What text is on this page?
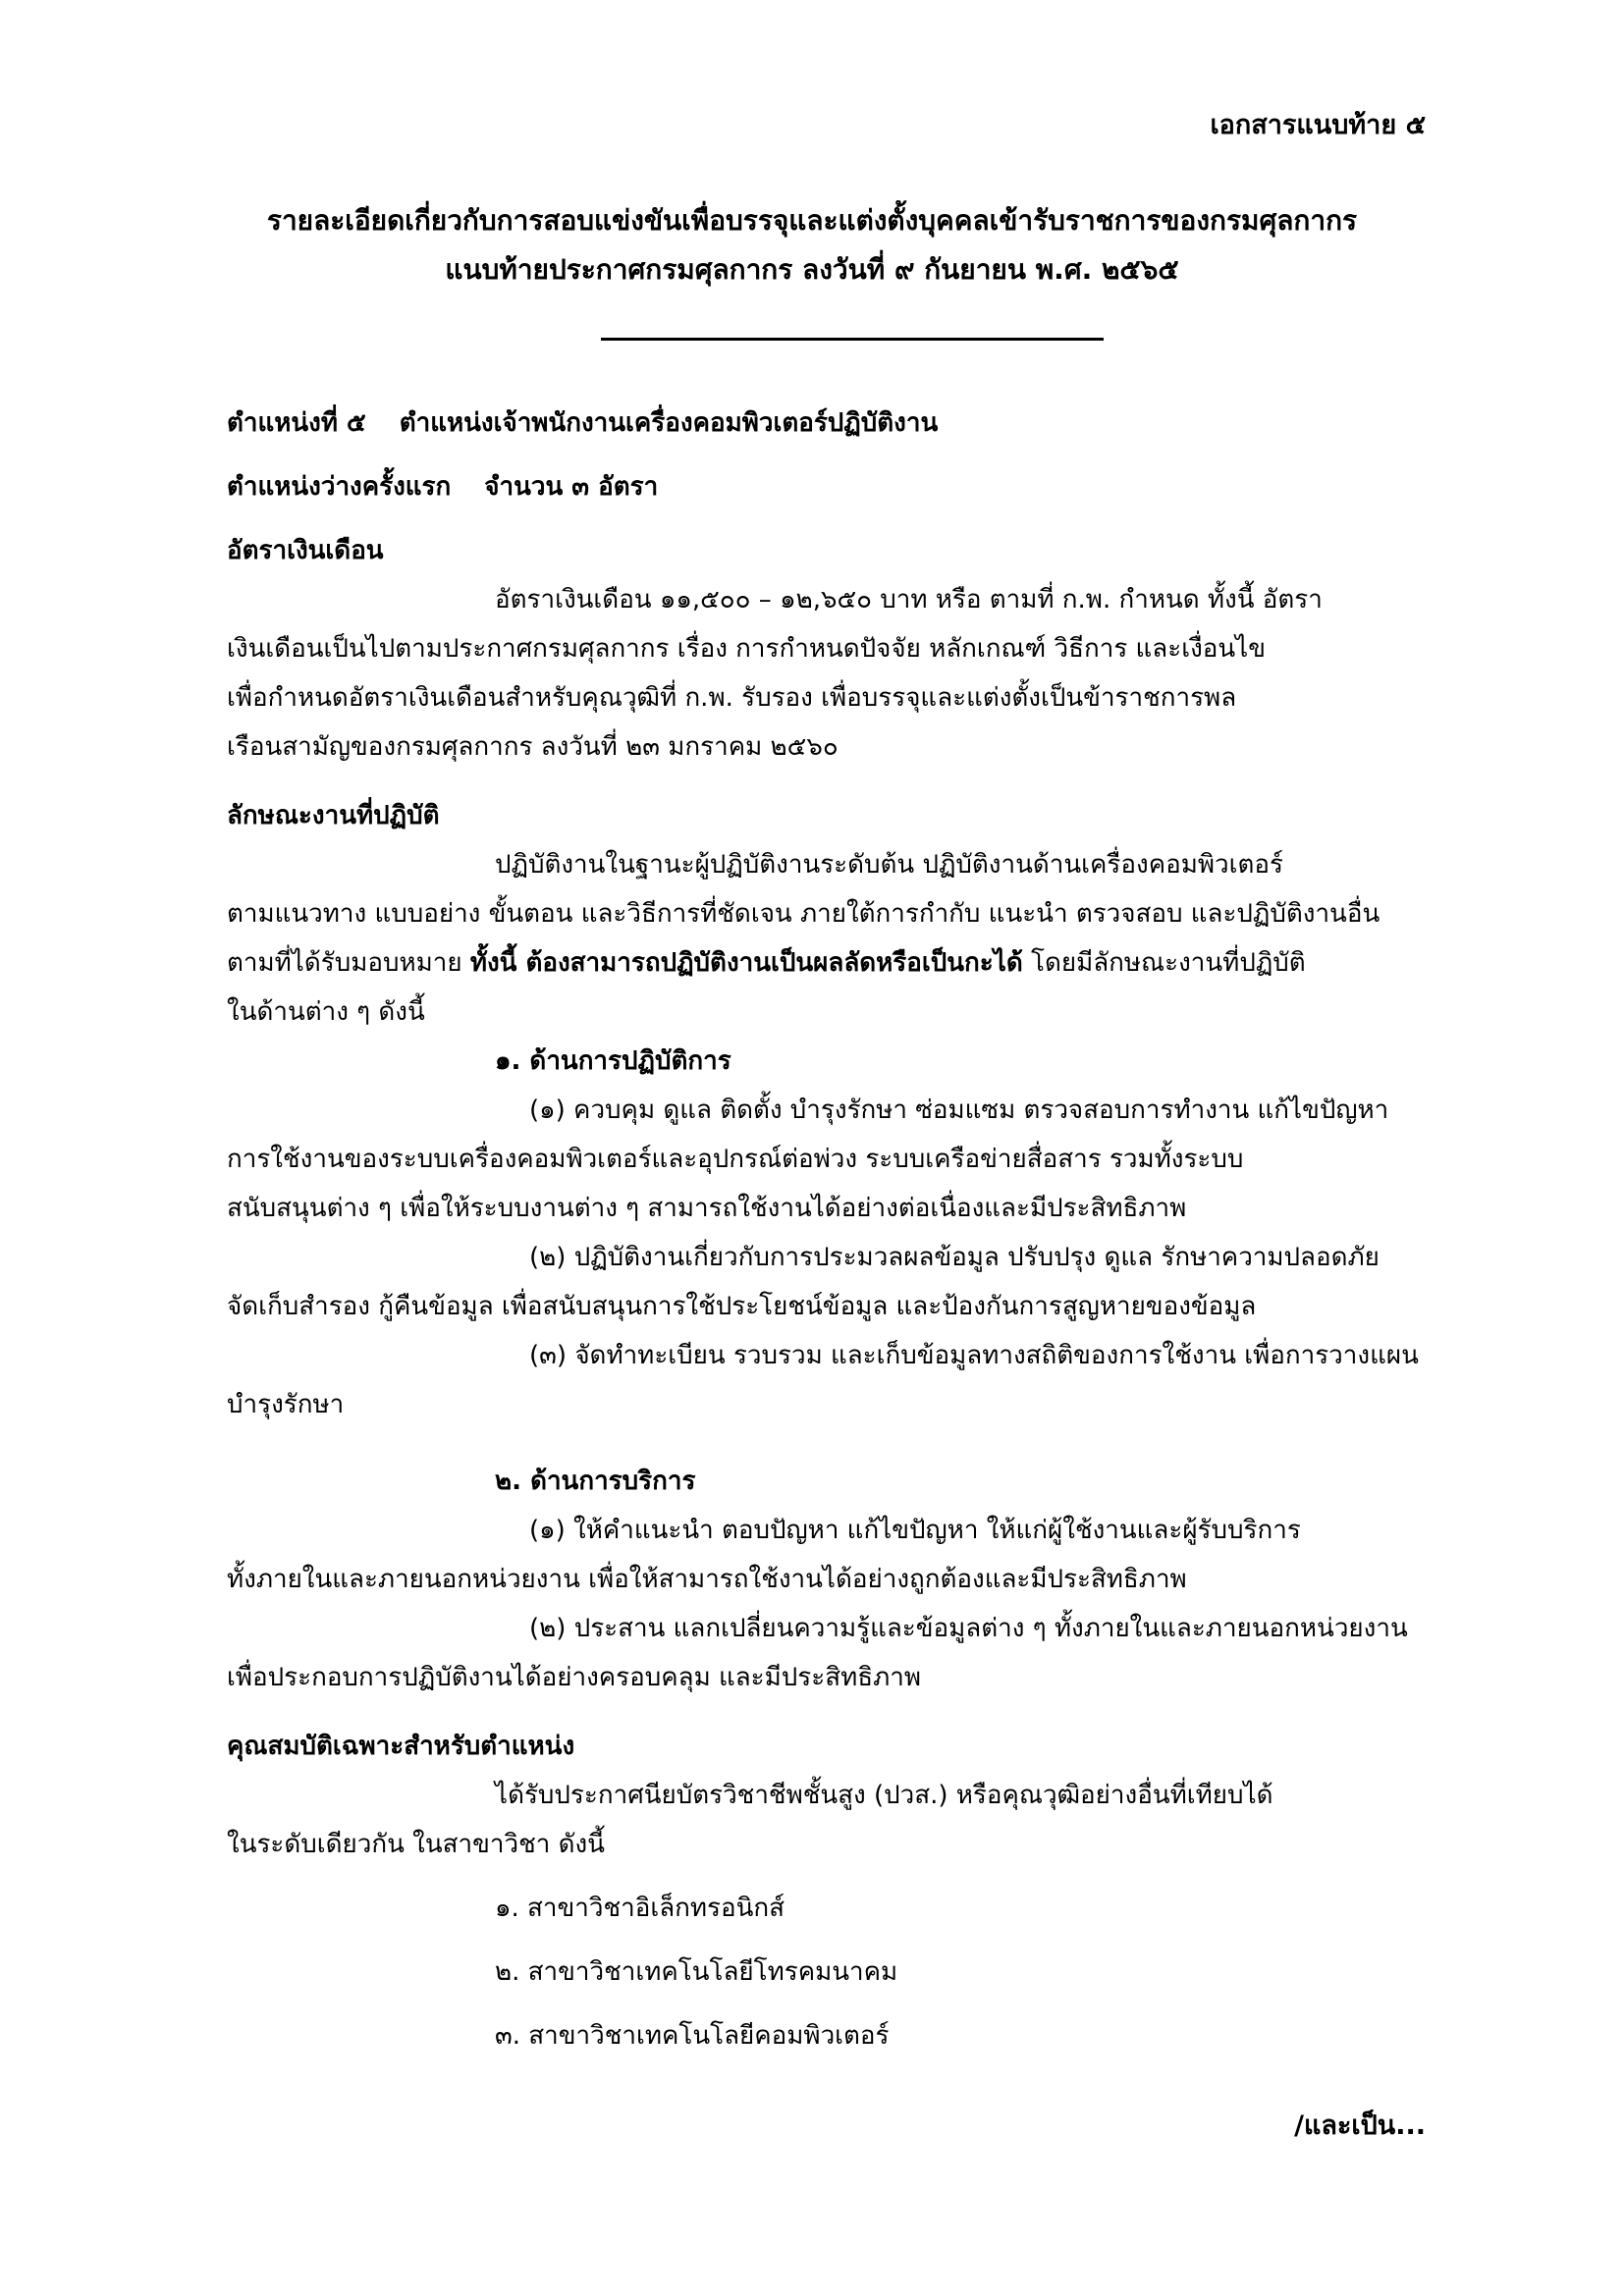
เอกสารแนบท้าย ๕
รายละเอียดเกี่ยวกับการสอบแข่งขันเพื่อบรรจุและแต่งตั้งบุคคลเข้ารับราชการของกรมศุลกากร
แนบท้ายประกาศกรมศุลกากร ลงวันที่ ๙ กันยายน พ.ศ. ๒๕๖๕
ตำแหน่งที่ ๕ ตำแหน่งเจ้าพนักงานเครื่องคอมพิวเตอร์ปฏิบัติงาน
ตำแหน่งว่างครั้งแรก จำนวน ๓ อัตรา
อัตราเงินเดือน
อัตราเงินเดือน ๑๑,๕๐๐ – ๑๒,๖๕๐ บาท หรือ ตามที่ ก.พ. กำหนด ทั้งนี้ อัตรา
เงินเดือนเป็นไปตามประกาศกรมศุลกากร เรื่อง การกำหนดปัจจัย หลักเกณฑ์ วิธีการ และเงื่อนไข
เพื่อกำหนดอัตราเงินเดือนสำหรับคุณวุฒิที่ ก.พ. รับรอง เพื่อบรรจุและแต่งตั้งเป็นข้าราชการพล
เรือนสามัญของกรมศุลกากร ลงวันที่ ๒๓ มกราคม ๒๕๖๐
ลักษณะงานที่ปฏิบัติ
ปฏิบัติงานในฐานะผู้ปฏิบัติงานระดับต้น ปฏิบัติงานด้านเครื่องคอมพิวเตอร์
ตามแนวทาง แบบอย่าง ขั้นตอน และวิธีการที่ชัดเจน ภายใต้การกำกับ แนะนำ ตรวจสอบ และปฏิบัติงานอื่น
ตามที่ได้รับมอบหมาย ทั้งนี้ ต้องสามารถปฏิบัติงานเป็นผลลัดหรือเป็นกะได้ โดยมีลักษณะงานที่ปฏิบัติ
ในด้านต่าง ๆ ดังนี้
๑. ด้านการปฏิบัติการ
(๑) ควบคุม ดูแล ติดตั้ง บำรุงรักษา ซ่อมแซม ตรวจสอบการทำงาน แก้ไขปัญหา
การใช้งานของระบบเครื่องคอมพิวเตอร์และอุปกรณ์ต่อพ่วง ระบบเครือข่ายสื่อสาร รวมทั้งระบบ
สนับสนุนต่าง ๆ เพื่อให้ระบบงานต่าง ๆ สามารถใช้งานได้อย่างต่อเนื่องและมีประสิทธิภาพ
(๒) ปฏิบัติงานเกี่ยวกับการประมวลผลข้อมูล ปรับปรุง ดูแล รักษาความปลอดภัย
จัดเก็บสำรอง กู้คืนข้อมูล เพื่อสนับสนุนการใช้ประโยชน์ข้อมูล และป้องกันการสูญหายของข้อมูล
(๓) จัดทำทะเบียน รวบรวม และเก็บข้อมูลทางสถิติของการใช้งาน เพื่อการวางแผน
บำรุงรักษา
๒. ด้านการบริการ
(๑) ให้คำแนะนำ ตอบปัญหา แก้ไขปัญหา ให้แก่ผู้ใช้งานและผู้รับบริการ
ทั้งภายในและภายนอกหน่วยงาน เพื่อให้สามารถใช้งานได้อย่างถูกต้องและมีประสิทธิภาพ
(๒) ประสาน แลกเปลี่ยนความรู้และข้อมูลต่าง ๆ ทั้งภายในและภายนอกหน่วยงาน
เพื่อประกอบการปฏิบัติงานได้อย่างครอบคลุม และมีประสิทธิภาพ
คุณสมบัติเฉพาะสำหรับตำแหน่ง
ได้รับประกาศนียบัตรวิชาชีพชั้นสูง (ปวส.) หรือคุณวุฒิอย่างอื่นที่เทียบได้
ในระดับเดียวกัน ในสาขาวิชา ดังนี้
๑. สาขาวิชาอิเล็กทรอนิกส์
๒. สาขาวิชาเทคโนโลยีโทรคมนาคม
๓. สาขาวิชาเทคโนโลยีคอมพิวเตอร์
/และเป็น...
